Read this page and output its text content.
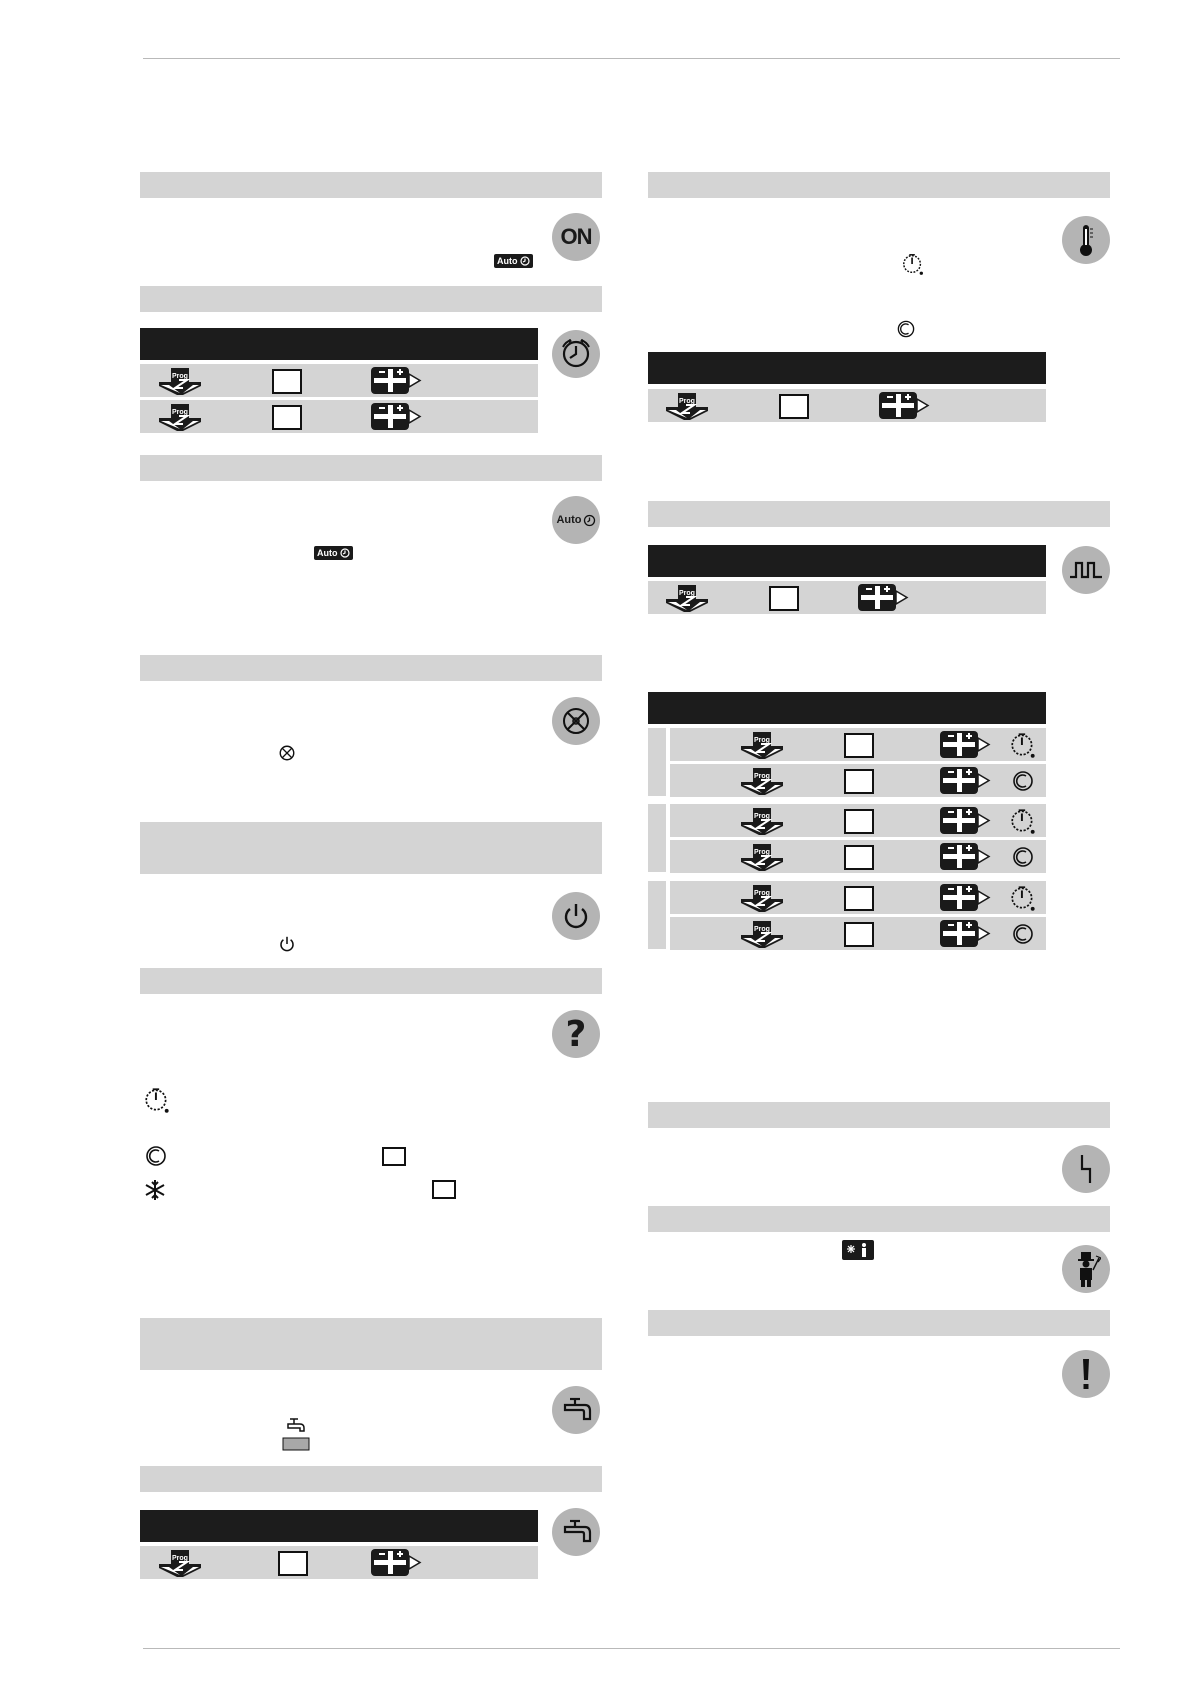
ON
Auto
Auto
Auto
?
